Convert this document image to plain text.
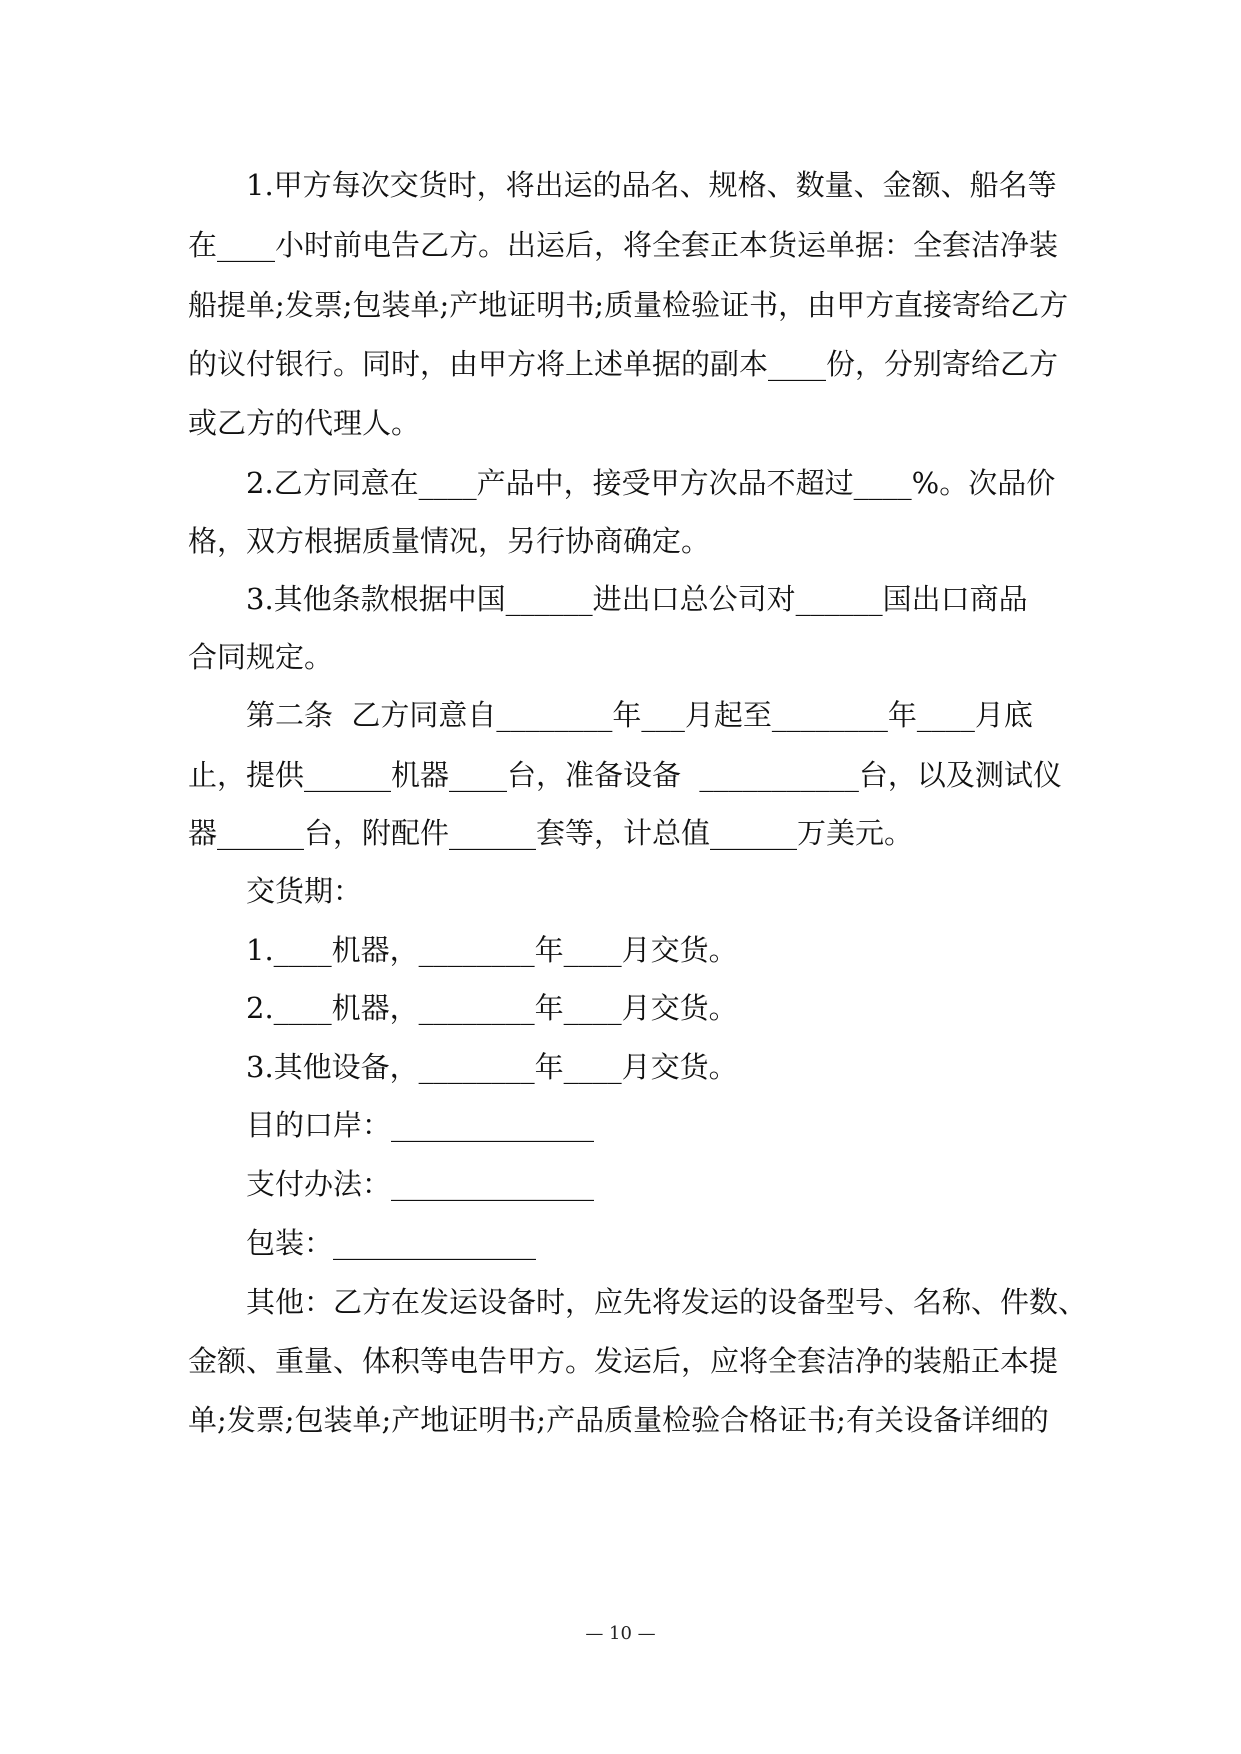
1.甲方每次交货时，将出运的品名、规格、数量、金额、船名等
在____小时前电告乙方。出运后，将全套正本货运单据：全套洁净装
船提单;发票;包装单;产地证明书;质量检验证书，由甲方直接寄给乙方
的议付银行。同时，由甲方将上述单据的副本____份，分别寄给乙方
或乙方的代理人。
2.乙方同意在____产品中，接受甲方次品不超过____%。次品价
格，双方根据质量情况，另行协商确定。
3.其他条款根据中国______进出口总公司对______国出口商品
合同规定。
第二条  乙方同意自________年___月起至________年____月底
止，提供______机器____台，准备设备  ___________台，以及测试仪
器______台，附配件______套等，计总值______万美元。
交货期：
1.____机器，________年____月交货。
2.____机器，________年____月交货。
3.其他设备，________年____月交货。
目的口岸：______________
支付办法：______________
包装：______________
其他：乙方在发运设备时，应先将发运的设备型号、名称、件数、
金额、重量、体积等电告甲方。发运后，应将全套洁净的装船正本提
单;发票;包装单;产地证明书;产品质量检验合格证书;有关设备详细的
— 10 —
